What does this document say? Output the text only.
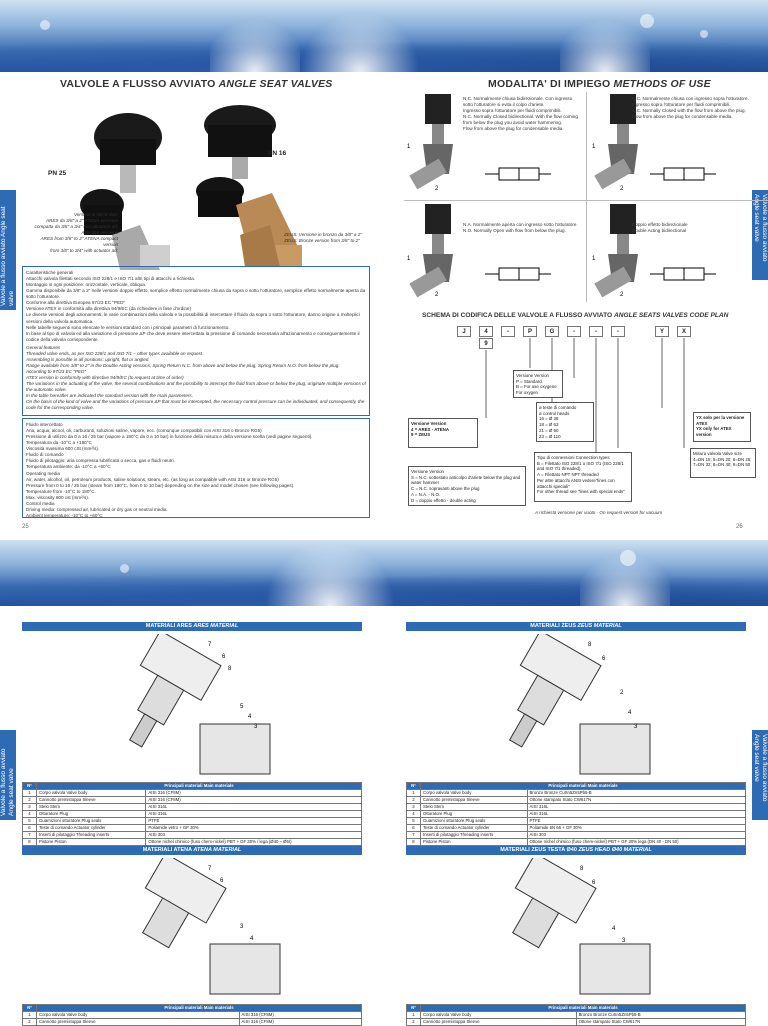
VALVOLE A FLUSSO AVVIATO ANGLE SEAT VALVES	MODALITA' DI IMPIEGO METHODS OF USE
Valvole a flusso avviato Angle seat valve
Valvole a flusso avviato Angle seat valve
PN 25
PN 16
Versioni in INOX 316:
ARES da 3/8" a 2" ATENA versione compatta da 3/8" a 3/4" con attuatore ad:
AISI 316 Versions
ARES from 3/8" to 2" ATENA compact version
from 3/8" to 3/4" with actuator ad:
ZEUS: Versione in bronzo da 3/8" a 2"
ZEUS: Bronze version from 3/8" to 2"
Caratteristiche generali
Attacchi valvola filettati secondo ISO 228/1 e ISO 7/1 altri tipi di attacchi a richiesta.
Montaggio in ogni posizione: orizzontale, verticale, obliqua.
Gamma disponibile da 3/8" a 2" nelle versioni doppio effetto, semplice effetto normalmente chiusa da sopra o sotto l'otturatore, semplice effetto normalmente aperta da sotto l'otturatore.
Conforme alla direttiva Europea 97/23 EC "PED"
Versione ATEX in conformità alla direttiva 94/9/EC (da richiedere in fase d'ordine)
Le diverse versioni degli azionamenti, le varie combinazioni della valvola e la possibilità di intercettare il fluido da sopra o sotto l'otturatore, danno origine a molteplici versioni della valvola automatica.
Nelle tabelle seguenti sono elencate le versioni standard con i principali parametri di funzionamento.
In base al tipo di valvola ed alla variazione di pressione ΔP che deve essere intercettata la pressione di comando necessaria all'azionamento e conseguentemente il codice della valvola corrispondente.
General features
Threaded valve ends, as per ISO 228/1 and ISO 7/1 – other types available on request.
Assembling is possible in all positions: upright, flat or angled.
Range available from 3/8" to 2" in the Double Acting versions, Spring Return N.C. from above and below the plug, Spring Return N.O. from below the plug.
According to 97/23 EC "PED"
ATEX version in conformity with directive 94/9/EC (to request at time of order)
The variations in the actuating of the valve, the several combinations and the possibility to intercept the fluid from above or below the plug, originate multiple versions of the automatic valve.
In the table hereafter are indicated the standard version with the main parameters.
On the basis of the kind of valve and the variations of pressure ΔP that must be intercepted, the necessary control pressure can be individuated, and consequently, the code for the corresponding valve.
Fluido intercettato
Aria, acqua, alcool, oli, carburanti, soluzioni saline, vapore, ecc. (comunque compatibili con AISI 316 o Bronzo RG5)
Pressione di utilizzo da 0 a 16 / 25 bar (vapore a 180°C da 0 a 10 bar) in funzione della misura e della versione scelta (vedi pagine seguenti).
Temperatura da -10°C a +180°C
Viscosità massima 600 cSt (mm²/s).
Fluido di comando
Fluido di pilotaggio: aria compressa lubrificata o secca, gas e fluidi neutri.
Temperatura ambiente: da -10°C a +60°C
Operating media
Air, water, alcohol, oil, petroleum products, saline solutions, steam, etc. (as long as compatible with AISI 316 or Bronze RG5)
Pressure from 0 to 16 / 25 bar (steam from 180°C, from 0 to 10 bar) depending on the size and model chosen (see following pages).
Temperature from -10°C to 180°C.
Max. viscosity 600 cst (mm²/s).
Control media
Driving media: compressed air, lubricated or dry gas or neutral media.
Ambient temperature: -10°C to +60°C
1
2
N.C. Normalmente chiusa bidirezionale. Con ingresso sotto l'otturatore si evita il colpo d'ariete.
Ingresso sopra l'otturatore per fluidi comprimibili.
N.C. Normally Closed bidirectional. With the flow coming from below the plug you avoid water hammering.
Flow from above the plug for condensable media.
1
2
N.C. Normalmente chiusa con ingresso sopra l'otturatore.
Ingresso sopra l'otturatore per fluidi comprimibili.
N.C. Normally Closed with the flow from above the plug.
Flow from above the plug for condensable media.
1
2
N.A. Normalmente aperta con ingresso sotto l'otturatore.
N.O. Normally Open with flow from below the plug.
1
2
Doppio effetto bidirezionale
Double Acting bidirectional
SCHEMA DI CODIFICA DELLE VALVOLE A FLUSSO AVVIATO ANGLE SEATS VALVES CODE PLAN
J	4	-	P	G	-	-	-	Y	X
9
Versione Version
4 = ARES - ATENA
9 = ZEUS
Versione Version
P = Standard
B = For use oxygene
For oxygen
ø teste di comando
ø control heads
16 = Ø 38
18 = Ø 63
21 = Ø 90
23 = Ø 110
YX solo per la versione ATEX
YX only for ATEX version
Versione Version
S = N.C. sottostato anticolpo d'ariete below the plug and water hammer
C = N.C. sopravanti above the plug
A = N.A. - N.O.
D = doppio effetto - double acting
Tipo di connessioni Connection types
B = Filettato ISO 228/1 o ISO 7/1 (ISO 228/1 and ISO 7/1 threaded)
A = Filettato NPT NPT threaded
Per altre attacchi ANSI vedere"lines con attacchi speciali"
For other thread see "lines with special ends"
Misura valvola Valve size
4=DN 15; 5=DN 20; 6=DN 25; 7=DN 32; 8=DN 40; 9=DN 50
A richiesta versione per vuoto · On request version for vacuum
25	26
Valvole a flusso avviato Angle seat valve	Valvole a flusso avviato Angle seat valve
MATERIALI ARES ARES MATERIAL	MATERIALI ZEUS ZEUS MATERIAL
7
6
8
5
4
3
8
6
2
4
3
N°	Principali materiali Main materials	
1	Corpo valvola Valve body	AISI 316 (CF8M)
2	Cannotto premistoppa Sleeve	AISI 316 (CF8M)
3	Stelo Stem	AISI 316L
4	Otturatore Plug	AISI 316L
5	Guarnizioni otturatore Plug seals	PTFE
6	Teste di comando Actuator cylinder	Poliamide vetro + GF 30%
7	Inserti di pilotaggio Threading inserts	AISI 303
8	Pistone Piston	Ottone nichel chimico (fuso chem-nickel) PBT + GF 30% / lega (Ø40 – Ø5I)
N°	Principali materiali Main materials	
1	Corpo valvola Valve body	Bronzo Bronze CuSn5Zn5Pb5-B
2	Cannotto premistoppa Sleeve	Ottone stampato Stato CW617N
3	Stelo Stem	AISI 316L
4	Otturatore Plug	AISI 316L
5	Guarnizioni otturatore Plug seals	PTFE
6	Teste di comando Actuator cylinder	Poliamide 6N 66 + GF 30%
7	Inserti di pilotaggio Threading inserts	AISI 303
8	Pistone Piston	Ottone nichel chimico (fuso chem-nickel) PBT + GF 30% lega (DN 40 - DN 50)
MATERIALI ATENA ATENA MATERIAL	MATERIALI ZEUS TESTA Ø40 ZEUS HEAD Ø40 MATERIAL
7
6
3
4
8
6
4
3
N°	Principali materiali Main materials	
1	Corpo valvola Valve body	AISI 316 (CF8M)
2	Cannotto premistoppa Sleeve	AISI 316 (CF8M)
N°	Principali materiali Main materials	
1	Corpo valvola Valve body	Bronzo Bronze CuSn5Zn5Pb5-B
2	Cannotto premistoppa Sleeve	Ottone stampato Stato CW617N
